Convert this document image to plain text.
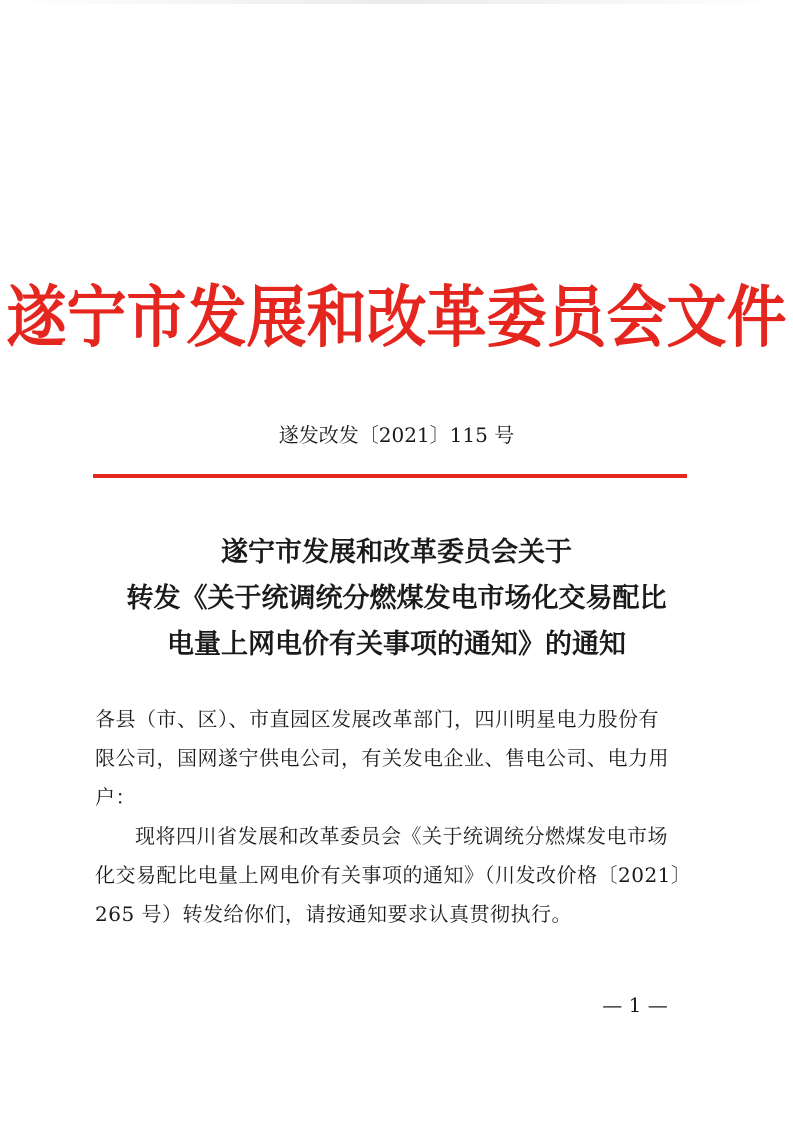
遂宁市发展和改革委员会文件
遂发改发〔2021〕115 号
遂宁市发展和改革委员会关于
转发《关于统调统分燃煤发电市场化交易配比
电量上网电价有关事项的通知》的通知
各县（市、区）、市直园区发展改革部门，四川明星电力股份有
限公司，国网遂宁供电公司，有关发电企业、售电公司、电力用
户：
现将四川省发展和改革委员会《关于统调统分燃煤发电市场
化交易配比电量上网电价有关事项的通知》（川发改价格〔2021〕
265 号）转发给你们，请按通知要求认真贯彻执行。
— 1 —
